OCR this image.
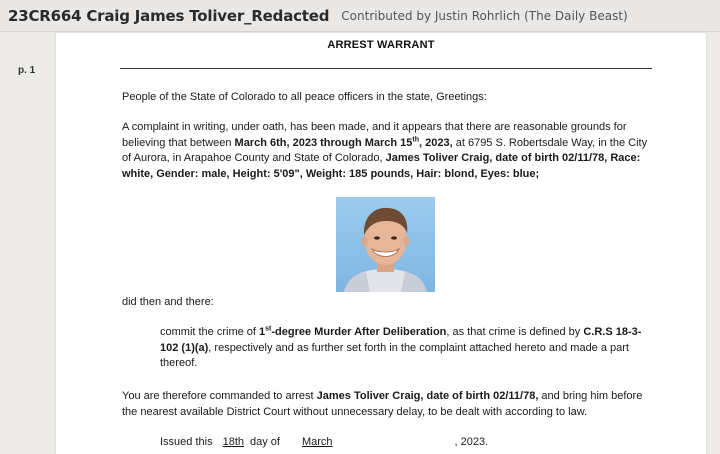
23CR664 Craig James Toliver_Redacted Contributed by Justin Rohrlich (The Daily Beast)
p. 1
ARREST WARRANT
People of the State of Colorado to all peace officers in the state, Greetings:
A complaint in writing, under oath, has been made, and it appears that there are reasonable grounds for believing that between March 6th, 2023 through March 15th, 2023, at 6795 S. Robertsdale Way, in the City of Aurora, in Arapahoe County and State of Colorado, James Toliver Craig, date of birth 02/11/78, Race: white, Gender: male, Height: 5'09", Weight: 185 pounds, Hair: blond, Eyes: blue;
did then and there:
commit the crime of 1st-degree Murder After Deliberation, as that crime is defined by C.R.S 18-3-102 (1)(a), respectively and as further set forth in the complaint attached hereto and made a part thereof.
You are therefore commanded to arrest James Toliver Craig, date of birth 02/11/78, and bring him before the nearest available District Court without unnecessary delay, to be dealt with according to law.
Issued this 18th day of March	, 2023.
